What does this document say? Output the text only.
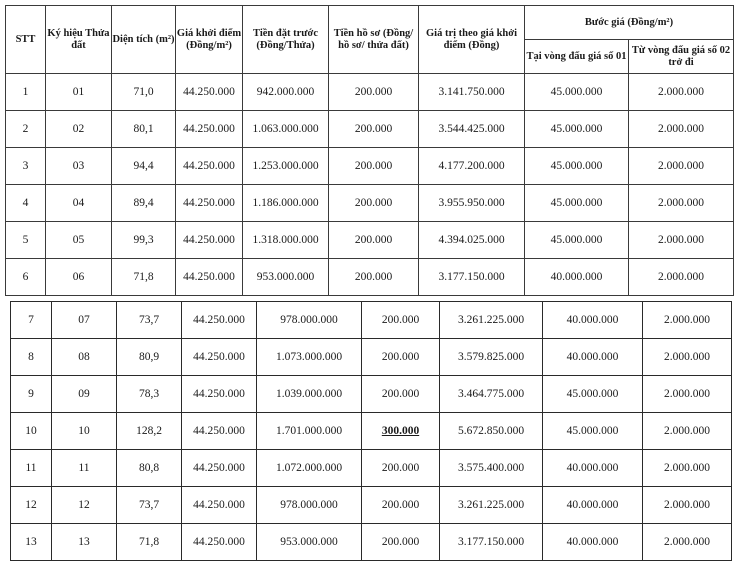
STT	Ký hiệu Thửa đất	Diện tích (m²)	Giá khởi điểm (Đồng/m²)	Tiền đặt trước (Đồng/Thửa)	Tiền hồ sơ (Đồng/ hồ sơ/ thửa đất)	Giá trị theo giá khởi điểm (Đồng)	Bước giá (Đồng/m²)	
							Tại vòng đấu giá số 01	Từ vòng đấu giá số 02 trở đi
1	01	71,0	44.250.000	942.000.000	200.000	3.141.750.000	45.000.000	2.000.000
2	02	80,1	44.250.000	1.063.000.000	200.000	3.544.425.000	45.000.000	2.000.000
3	03	94,4	44.250.000	1.253.000.000	200.000	4.177.200.000	45.000.000	2.000.000
4	04	89,4	44.250.000	1.186.000.000	200.000	3.955.950.000	45.000.000	2.000.000
5	05	99,3	44.250.000	1.318.000.000	200.000	4.394.025.000	45.000.000	2.000.000
6	06	71,8	44.250.000	953.000.000	200.000	3.177.150.000	40.000.000	2.000.000
7	07	73,7	44.250.000	978.000.000	200.000	3.261.225.000	40.000.000	2.000.000
8	08	80,9	44.250.000	1.073.000.000	200.000	3.579.825.000	40.000.000	2.000.000
9	09	78,3	44.250.000	1.039.000.000	200.000	3.464.775.000	45.000.000	2.000.000
10	10	128,2	44.250.000	1.701.000.000	300.000	5.672.850.000	45.000.000	2.000.000
11	11	80,8	44.250.000	1.072.000.000	200.000	3.575.400.000	40.000.000	2.000.000
12	12	73,7	44.250.000	978.000.000	200.000	3.261.225.000	40.000.000	2.000.000
13	13	71,8	44.250.000	953.000.000	200.000	3.177.150.000	40.000.000	2.000.000
